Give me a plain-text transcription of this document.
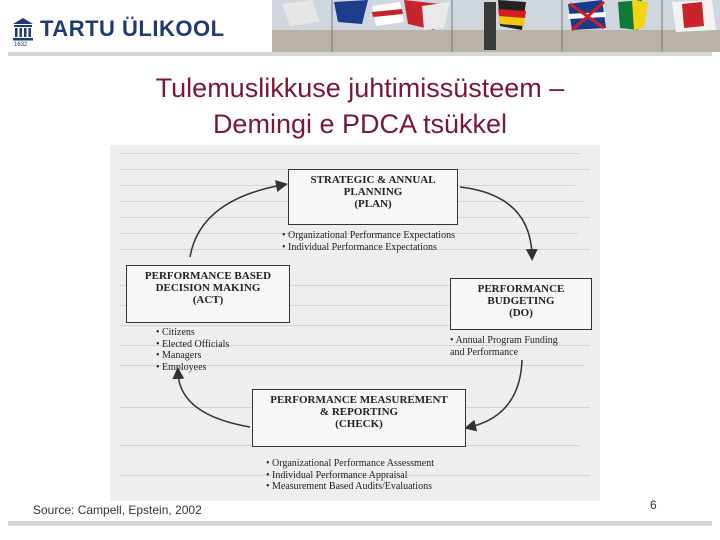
TARTU ÜLIKOOL
1632
Tulemuslikkuse juhtimissüsteem –
Demingi e PDCA tsükkel
STRATEGIC & ANNUAL
PLANNING
(PLAN)
• Organizational Performance Expectations
• Individual Performance Expectations
PERFORMANCE BASED
DECISION MAKING
(ACT)
• Citizens
• Elected Officials
• Managers
• Employees
PERFORMANCE
BUDGETING
(DO)
• Annual Program Funding
and Performance
PERFORMANCE MEASUREMENT
& REPORTING
(CHECK)
• Organizational Performance Assessment
• Individual Performance Appraisal
• Measurement Based Audits/Evaluations
Source: Campell, Epstein, 2002	6
